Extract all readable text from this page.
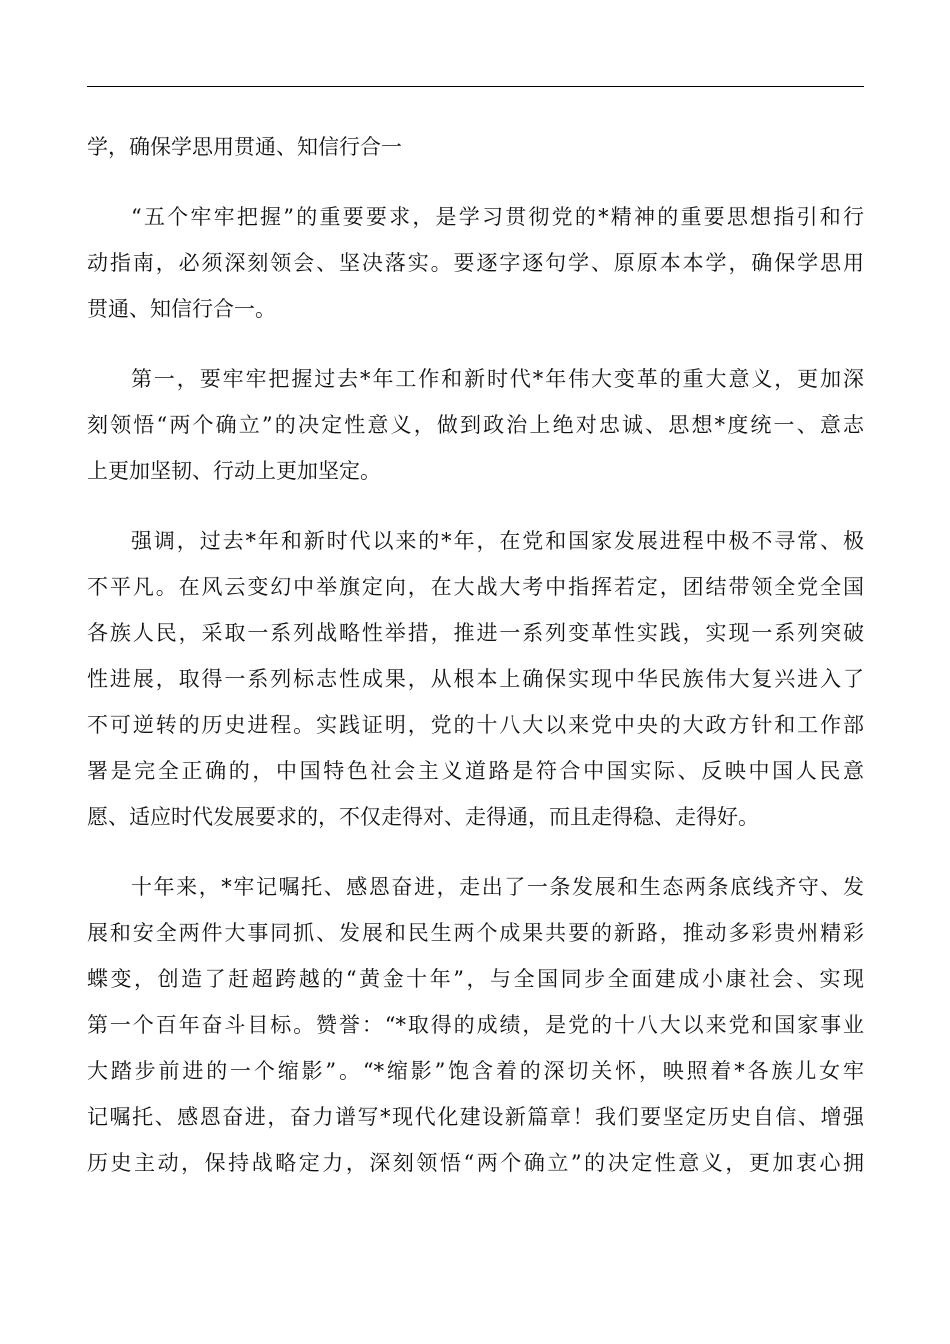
学，确保学思用贯通、知信行合一
“五个牢牢把握”的重要要求，是学习贯彻党的*精神的重要思想指引和行
动指南，必须深刻领会、坚决落实。要逐字逐句学、原原本本学，确保学思用
贯通、知信行合一。
第一，要牢牢把握过去*年工作和新时代*年伟大变革的重大意义，更加深
刻领悟“两个确立”的决定性意义，做到政治上绝对忠诚、思想*度统一、意志
上更加坚韧、行动上更加坚定。
强调，过去*年和新时代以来的*年，在党和国家发展进程中极不寻常、极
不平凡。在风云变幻中举旗定向，在大战大考中指挥若定，团结带领全党全国
各族人民，采取一系列战略性举措，推进一系列变革性实践，实现一系列突破
性进展，取得一系列标志性成果，从根本上确保实现中华民族伟大复兴进入了
不可逆转的历史进程。实践证明，党的十八大以来党中央的大政方针和工作部
署是完全正确的，中国特色社会主义道路是符合中国实际、反映中国人民意
愿、适应时代发展要求的，不仅走得对、走得通，而且走得稳、走得好。
十年来，*牢记嘱托、感恩奋进，走出了一条发展和生态两条底线齐守、发
展和安全两件大事同抓、发展和民生两个成果共要的新路，推动多彩贵州精彩
蝶变，创造了赶超跨越的“黄金十年”，与全国同步全面建成小康社会、实现
第一个百年奋斗目标。赞誉：“*取得的成绩，是党的十八大以来党和国家事业
大踏步前进的一个缩影”。“*缩影”饱含着的深切关怀，映照着*各族儿女牢
记嘱托、感恩奋进，奋力谱写*现代化建设新篇章！我们要坚定历史自信、增强
历史主动，保持战略定力，深刻领悟“两个确立”的决定性意义，更加衷心拥
